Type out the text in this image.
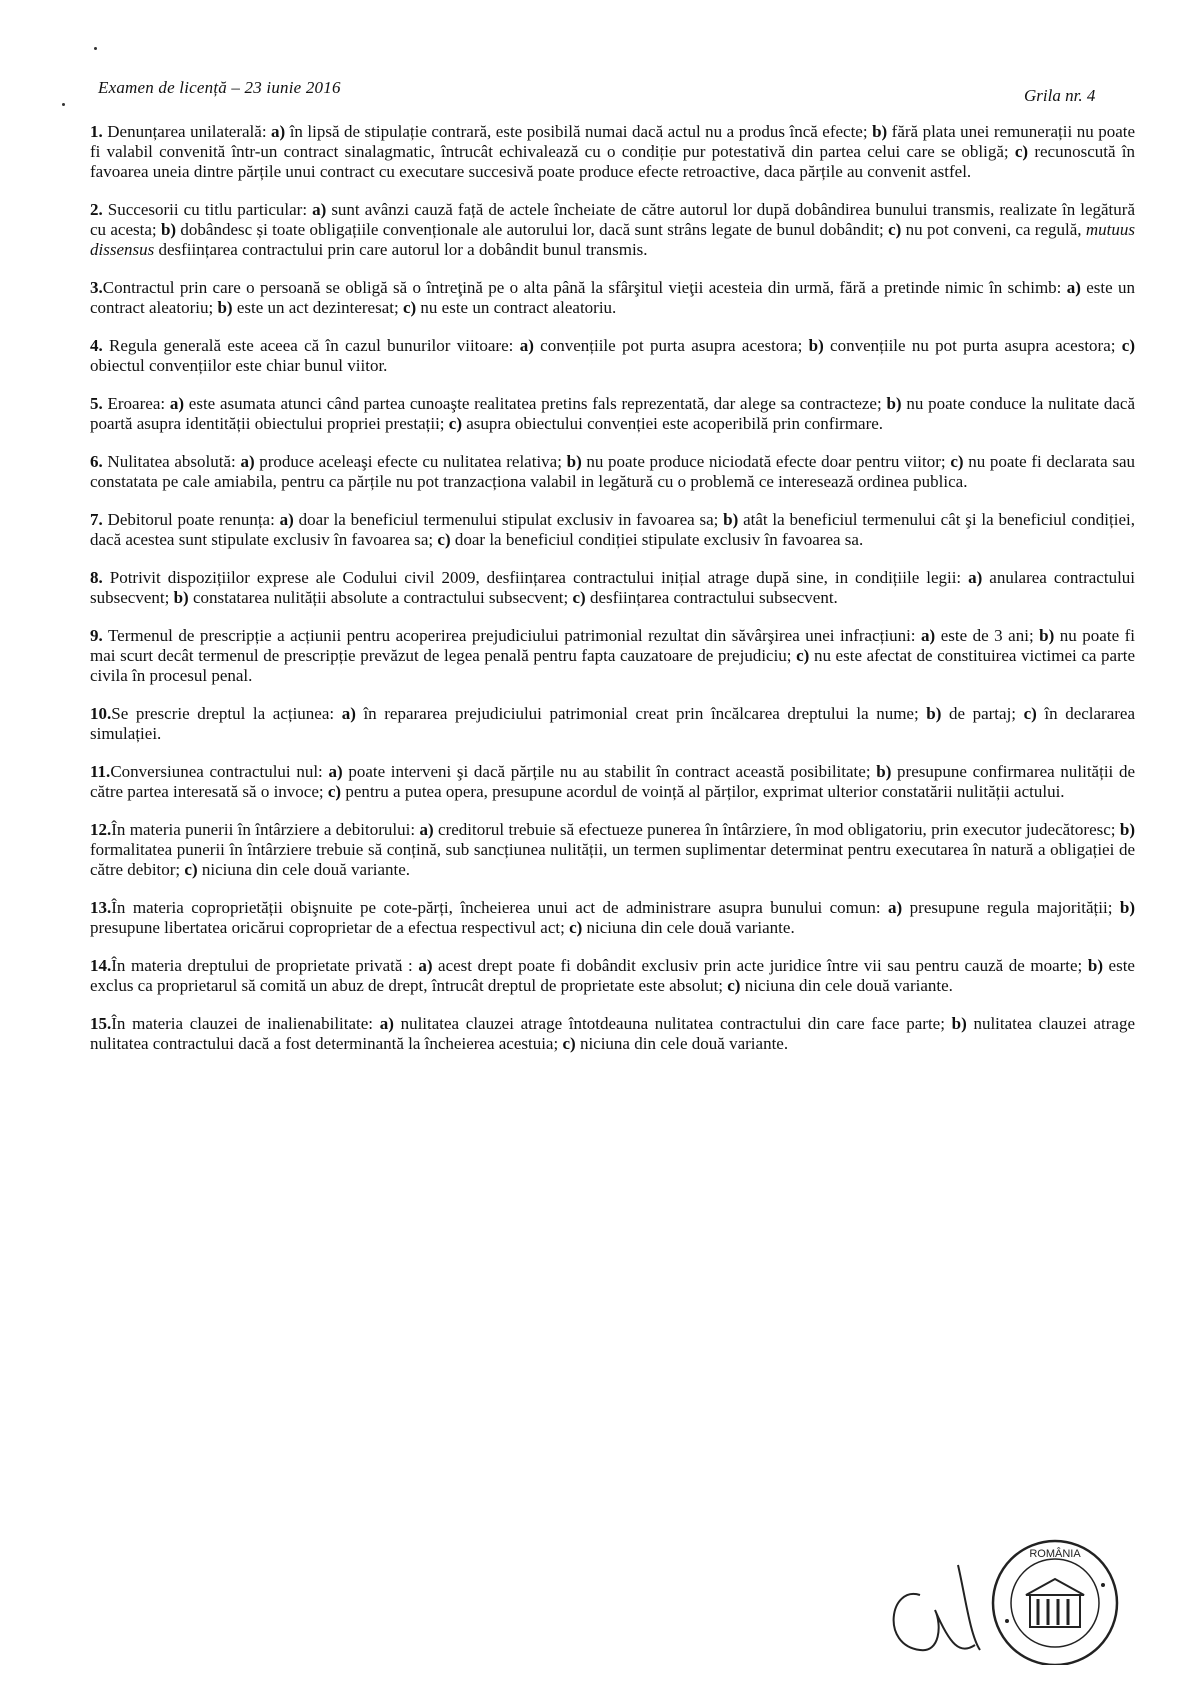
Examen de licență – 23 iunie 2016	Grila nr. 4

1. Denunțarea unilaterală: a) în lipsă de stipulație contrară, este posibilă numai dacă actul nu a produs încă efecte; b) fără plata unei remunerații nu poate fi valabil convenită într-un contract sinalagmatic, întrucât echivalează cu o condiție pur potestativă din partea celui care se obligă; c) recunoscută în favoarea uneia dintre părțile unui contract cu executare succesivă poate produce efecte retroactive, daca părțile au convenit astfel.

2. Succesorii cu titlu particular: a) sunt avânzi cauză față de actele încheiate de către autorul lor după dobândirea bunului transmis, realizate în legătură cu acesta; b) dobândesc și toate obligațiile convenționale ale autorului lor, dacă sunt strâns legate de bunul dobândit; c) nu pot conveni, ca regulă, mutuus dissensus desființarea contractului prin care autorul lor a dobândit bunul transmis.

3.Contractul prin care o persoană se obligă să o întreţină pe o alta până la sfârşitul vieţii acesteia din urmă, fără a pretinde nimic în schimb: a) este un contract aleatoriu; b) este un act dezinteresat; c) nu este un contract aleatoriu.

4. Regula generală este aceea că în cazul bunurilor viitoare: a) convențiile pot purta asupra acestora; b) convențiile nu pot purta asupra acestora; c) obiectul convențiilor este chiar bunul viitor.

5. Eroarea: a) este asumata atunci când partea cunoaşte realitatea pretins fals reprezentată, dar alege sa contracteze; b) nu poate conduce la nulitate dacă poartă asupra identității obiectului propriei prestații; c) asupra obiectului convenției este acoperibilă prin confirmare.

6. Nulitatea absolută: a) produce aceleaşi efecte cu nulitatea relativa; b) nu poate produce niciodată efecte doar pentru viitor; c) nu poate fi declarata sau constatata pe cale amiabila, pentru ca părțile nu pot tranzacționa valabil in legătură cu o problemă ce interesează ordinea publica.

7. Debitorul poate renunța: a) doar la beneficiul termenului stipulat exclusiv in favoarea sa; b) atât la beneficiul termenului cât şi la beneficiul condiției, dacă acestea sunt stipulate exclusiv în favoarea sa; c) doar la beneficiul condiției stipulate exclusiv în favoarea sa.

8. Potrivit dispozițiilor exprese ale Codului civil 2009, desființarea contractului inițial atrage după sine, in condițiile legii: a) anularea contractului subsecvent; b) constatarea nulității absolute a contractului subsecvent; c) desființarea contractului subsecvent.

9. Termenul de prescripție a acțiunii pentru acoperirea prejudiciului patrimonial rezultat din săvârşirea unei infracțiuni: a) este de 3 ani; b) nu poate fi mai scurt decât termenul de prescripție prevăzut de legea penală pentru fapta cauzatoare de prejudiciu; c) nu este afectat de constituirea victimei ca parte civila în procesul penal.

10.Se prescrie dreptul la acțiunea: a) în repararea prejudiciului patrimonial creat prin încălcarea dreptului la nume; b) de partaj; c) în declararea simulației.

11.Conversiunea contractului nul: a) poate interveni şi dacă părțile nu au stabilit în contract această posibilitate; b) presupune confirmarea nulității de către partea interesată să o invoce; c) pentru a putea opera, presupune acordul de voință al părților, exprimat ulterior constatării nulității actului.

12.În materia punerii în întârziere a debitorului: a) creditorul trebuie să efectueze punerea în întârziere, în mod obligatoriu, prin executor judecătoresc; b) formalitatea punerii în întârziere trebuie să conțină, sub sancțiunea nulității, un termen suplimentar determinat pentru executarea în natură a obligației de către debitor; c) niciuna din cele două variante.

13.În materia coproprietății obişnuite pe cote-părți, încheierea unui act de administrare asupra bunului comun: a) presupune regula majorității; b) presupune libertatea oricărui coproprietar de a efectua respectivul act; c) niciuna din cele două variante.

14.În materia dreptului de proprietate privată : a) acest drept poate fi dobândit exclusiv prin acte juridice între vii sau pentru cauză de moarte; b) este exclus ca proprietarul să comită un abuz de drept, întrucât dreptul de proprietate este absolut; c) niciuna din cele două variante.

15.În materia clauzei de inalienabilitate: a) nulitatea clauzei atrage întotdeauna nulitatea contractului din care face parte; b) nulitatea clauzei atrage nulitatea contractului dacă a fost determinantă la încheierea acestuia; c) niciuna din cele două variante.

ROMÂNIA
